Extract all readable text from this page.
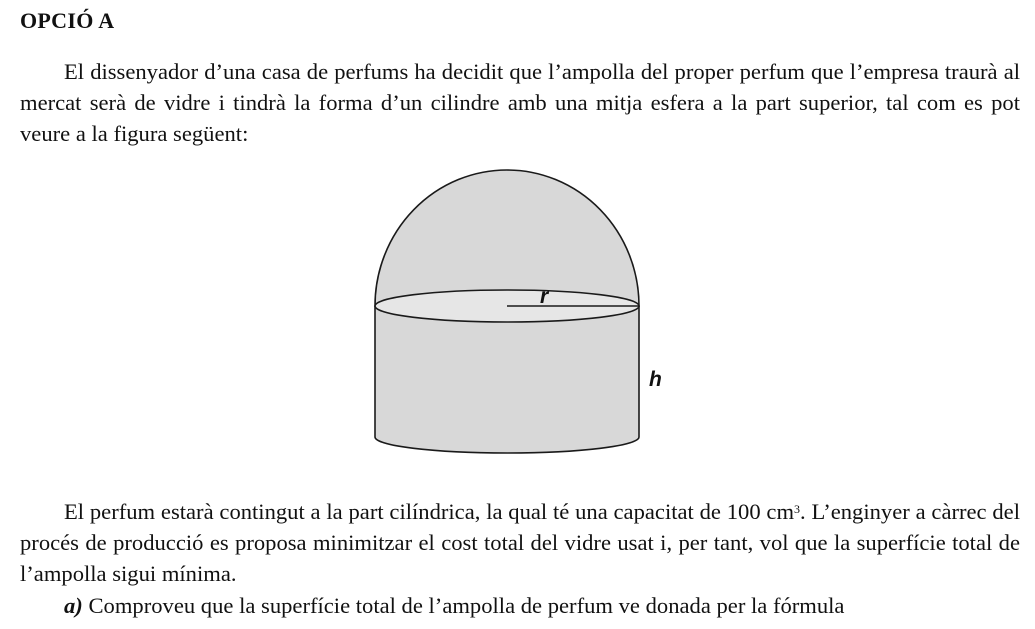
OPCIÓ A

El dissenyador d’una casa de perfums ha decidit que l’ampolla del proper perfum que l’empresa traurà al mercat serà de vidre i tindrà la forma d’un cilindre amb una mitja esfera a la part superior, tal com es pot veure a la figura següent:

r
h

El perfum estarà contingut a la part cilíndrica, la qual té una capacitat de 100 $cm^3$. L’enginyer a càrrec del procés de producció es proposa minimitzar el cost total del vidre usat i, per tant, vol que la superfície total de l’ampolla sigui mínima.

a) Comproveu que la superfície total de l’ampolla de perfum ve donada per la fórmula
